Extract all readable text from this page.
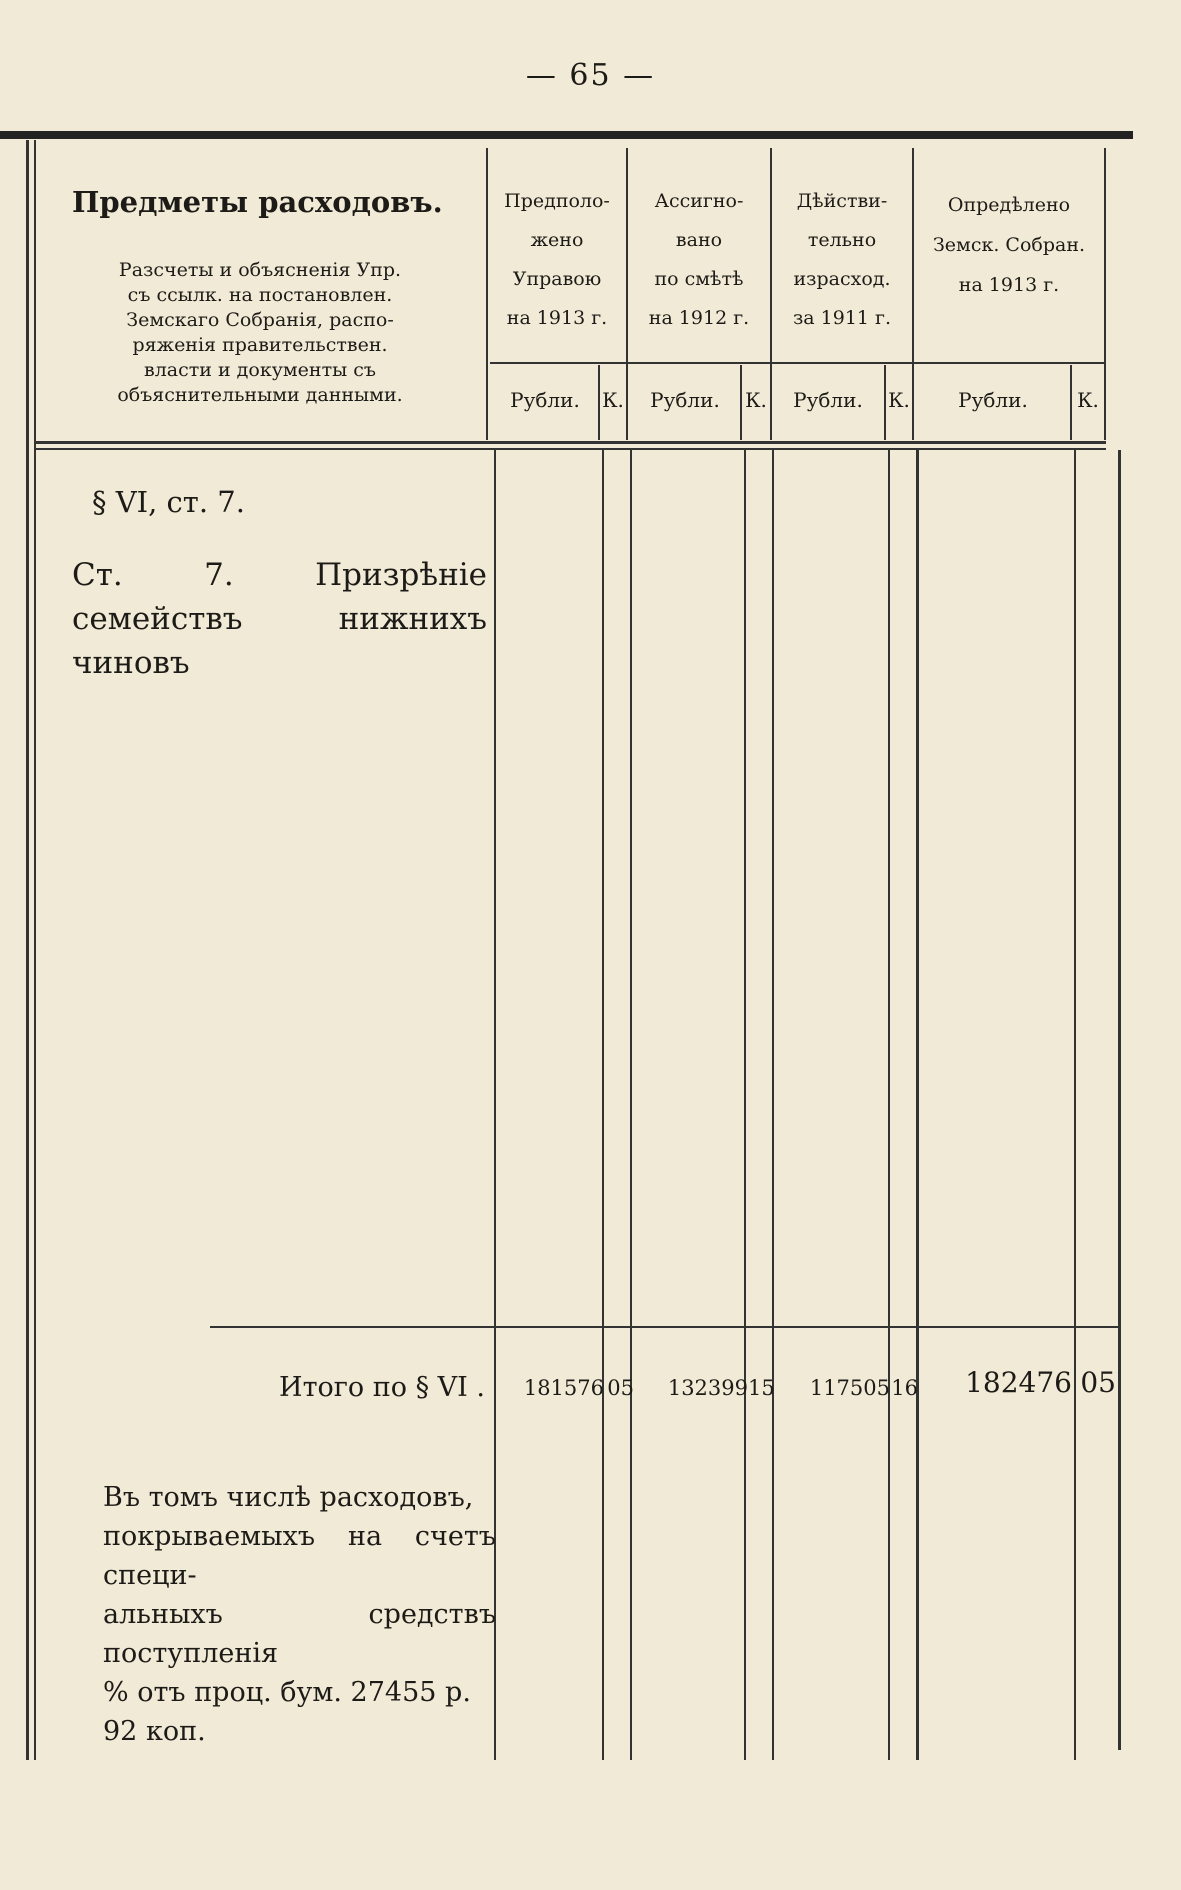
— 65 —
Предметы расходовъ.
Разсчеты и объясненія Упр.
съ ссылк. на постановлен.
Земскаго Собранія, распо-
ряженія правительствен.
власти и документы съ
объяснительными данными.
Предполо-
жено
Управою
на 1913 г.
Ассигно-
вано
по смѣтѣ
на 1912 г.
Дѣйстви-
тельно
израсход.
за 1911 г.
Опредѣлено
Земск. Собран.
на 1913 г.
Рубли.	К.	Рубли.	К.	Рубли.	К.	Рубли.	К.
§ VI, ст. 7.
Ст. 7. Призрѣніе семействъ нижнихъ чиновъ
Итого по § VI .	181576 05	132399 15	117505 16	182476 05
Въ томъ числѣ расходовъ,
покрываемыхъ на счетъ специ-
альныхъ средствъ поступленія
% отъ проц. бум. 27455 р.
92 коп.
